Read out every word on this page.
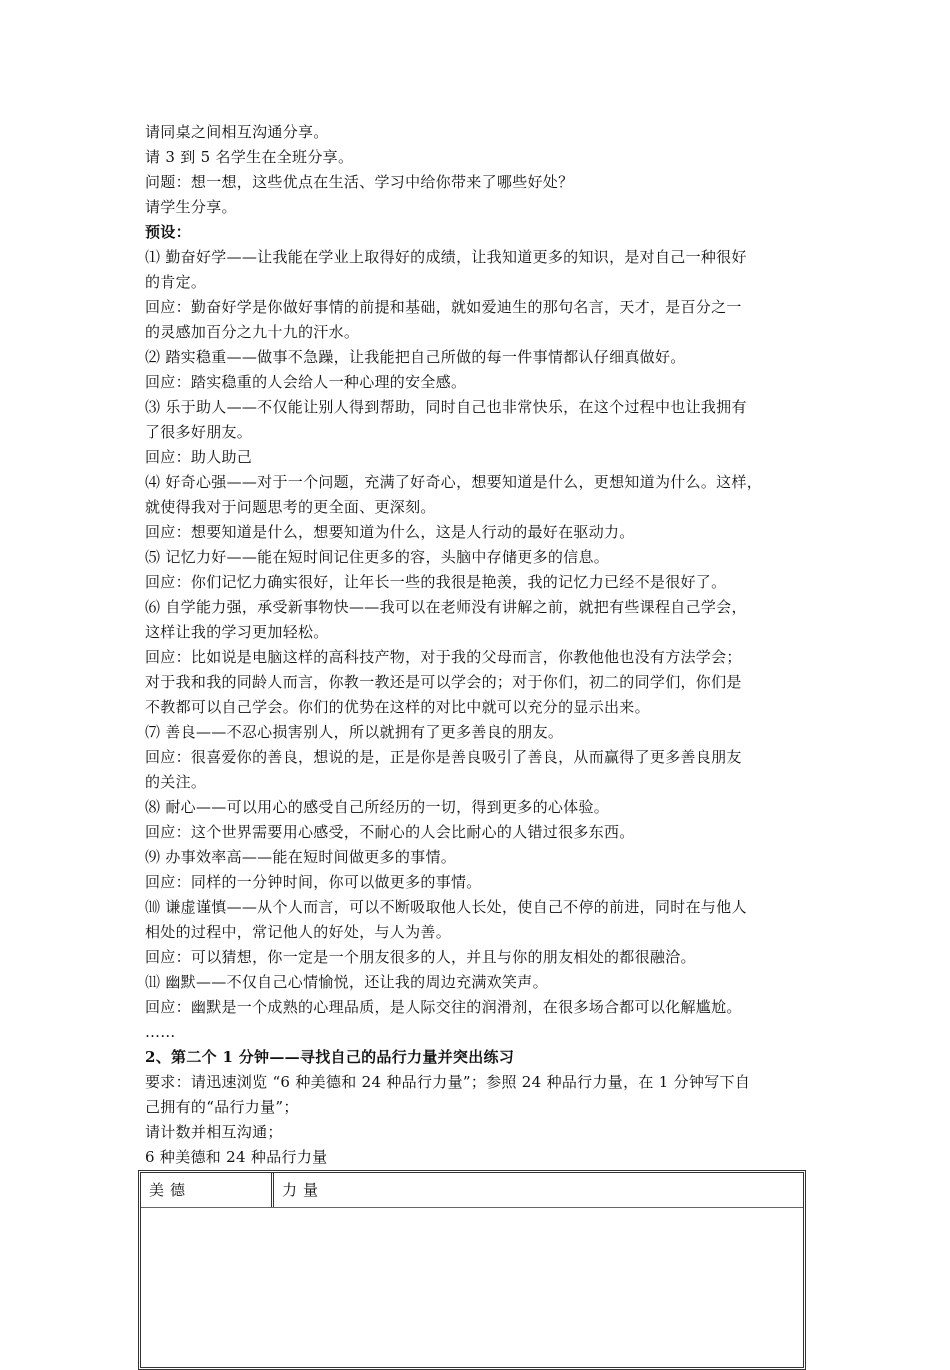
请同桌之间相互沟通分享。
请 3 到 5 名学生在全班分享。
问题：想一想，这些优点在生活、学习中给你带来了哪些好处？
请学生分享。
预设：
⑴ 勤奋好学——让我能在学业上取得好的成绩，让我知道更多的知识，是对自己一种很好
的肯定。
回应：勤奋好学是你做好事情的前提和基础，就如爱迪生的那句名言，天才，是百分之一
的灵感加百分之九十九的汗水。
⑵ 踏实稳重——做事不急躁，让我能把自己所做的每一件事情都认仔细真做好。
回应：踏实稳重的人会给人一种心理的安全感。
⑶ 乐于助人——不仅能让别人得到帮助，同时自己也非常快乐，在这个过程中也让我拥有
了很多好朋友。
回应：助人助己
⑷ 好奇心强——对于一个问题，充满了好奇心，想要知道是什么，更想知道为什么。这样，
就使得我对于问题思考的更全面、更深刻。
回应：想要知道是什么，想要知道为什么，这是人行动的最好在驱动力。
⑸ 记忆力好——能在短时间记住更多的容，头脑中存储更多的信息。
回应：你们记忆力确实很好，让年长一些的我很是艳羡，我的记忆力已经不是很好了。
⑹ 自学能力强，承受新事物快——我可以在老师没有讲解之前，就把有些课程自己学会，
这样让我的学习更加轻松。
回应：比如说是电脑这样的高科技产物，对于我的父母而言，你教他他也没有方法学会；
对于我和我的同龄人而言，你教一教还是可以学会的；对于你们，初二的同学们，你们是
不教都可以自己学会。你们的优势在这样的对比中就可以充分的显示出来。
⑺ 善良——不忍心损害别人，所以就拥有了更多善良的朋友。
回应：很喜爱你的善良，想说的是，正是你是善良吸引了善良，从而赢得了更多善良朋友
的关注。
⑻ 耐心——可以用心的感受自己所经历的一切，得到更多的心体验。
回应：这个世界需要用心感受，不耐心的人会比耐心的人错过很多东西。
⑼ 办事效率高——能在短时间做更多的事情。
回应：同样的一分钟时间，你可以做更多的事情。
⑽ 谦虚谨慎——从个人而言，可以不断吸取他人长处，使自己不停的前进，同时在与他人
相处的过程中，常记他人的好处，与人为善。
回应：可以猜想，你一定是一个朋友很多的人，并且与你的朋友相处的都很融洽。
⑾ 幽默——不仅自己心情愉悦，还让我的周边充满欢笑声。
回应：幽默是一个成熟的心理品质，是人际交往的润滑剂，在很多场合都可以化解尴尬。
……
2、第二个 1 分钟——寻找自己的品行力量并突出练习
要求：请迅速浏览 “6 种美德和 24 种品行力量”；参照 24 种品行力量，在 1 分钟写下自
己拥有的“品行力量”；
请计数并相互沟通；
6 种美德和 24 种品行力量
美德	力量
